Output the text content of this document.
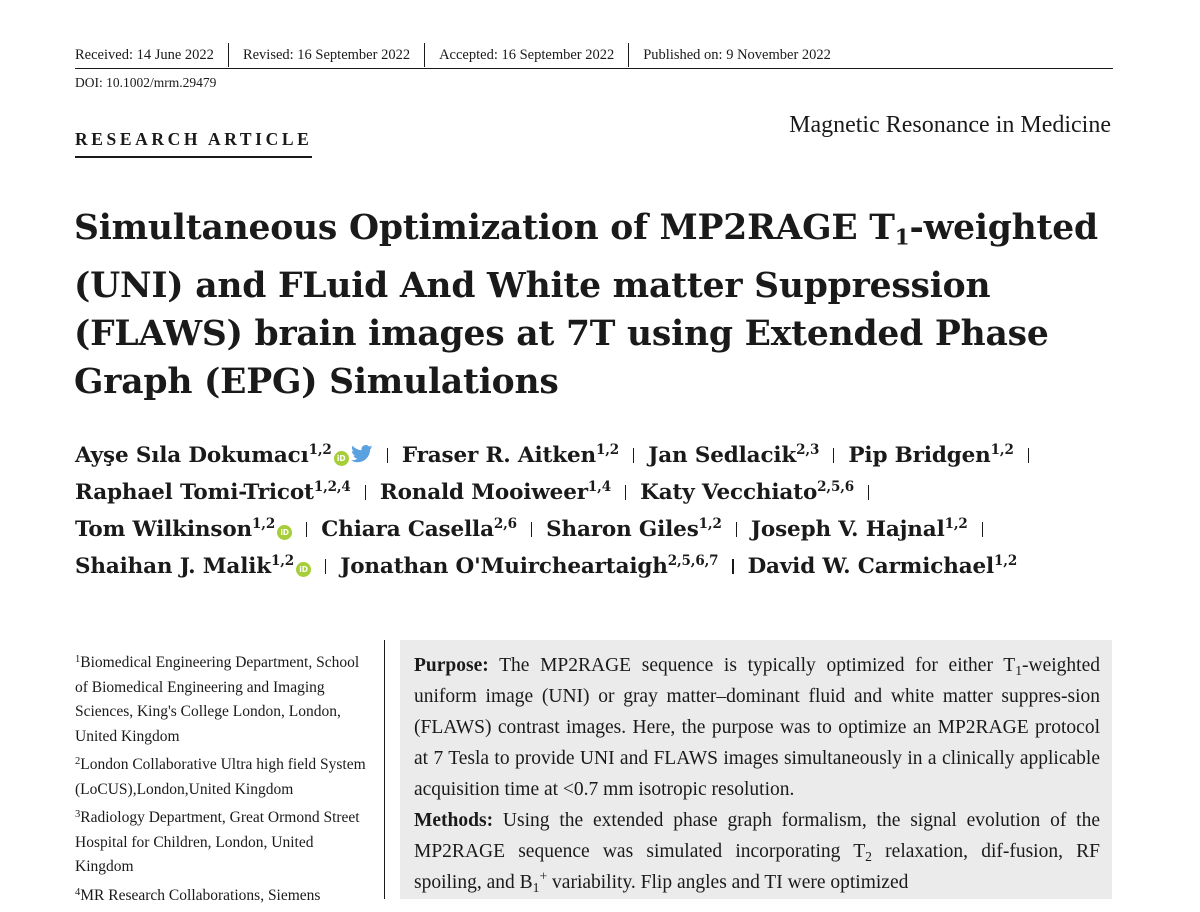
Received: 14 June 2022	Revised: 16 September 2022	Accepted: 16 September 2022	Published on: 9 November 2022
DOI: 10.1002/mrm.29479
RESEARCH ARTICLE
Magnetic Resonance in Medicine
Simultaneous Optimization of MP2RAGE $T_1$-weighted (UNI) and FLuid And White matter Suppression (FLAWS) brain images at 7T using Extended Phase Graph (EPG) Simulations
Ayşe Sıla Dokumacı$^{1,2}$iD	Fraser R. Aitken$^{1,2}$ Jan Sedlacik$^{2,3}$ Pip Bridgen$^{1,2}$
Raphael Tomi-Tricot$^{1,2,4}$ Ronald Mooiweer$^{1,4}$ Katy Vecchiato$^{2,5,6}$
Tom Wilkinson$^{1,2}$iD Chiara Casella$^{2,6}$ Sharon Giles$^{1,2}$ Joseph V. Hajnal$^{1,2}$
Shaihan J. Malik$^{1,2}$iD Jonathan O'Muircheartaigh$^{2,5,6,7}$ David W. Carmichael$^{1,2}$

$^1$Biomedical Engineering Department, School of Biomedical Engineering and Imaging Sciences, King's College London, London, United Kingdom

$^2$London Collaborative Ultra high field System (LoCUS),London,United Kingdom

$^3$Radiology Department, Great Ormond Street Hospital for Children, London, United Kingdom

$^4$MR Research Collaborations, Siemens

Purpose: The MP2RAGE sequence is typically optimized for either $T_1$-weighted uniform image (UNI) or gray matter–dominant fluid and white matter suppres-sion (FLAWS) contrast images. Here, the purpose was to optimize an MP2RAGE protocol at 7 Tesla to provide UNI and FLAWS images simultaneously in a clinically applicable acquisition time at <0.7 mm isotropic resolution.

Methods: Using the extended phase graph formalism, the signal evolution of the MP2RAGE sequence was simulated incorporating $T_2$ relaxation, dif-fusion, RF spoiling, and $B_1^+$ variability. Flip angles and TI were optimized
